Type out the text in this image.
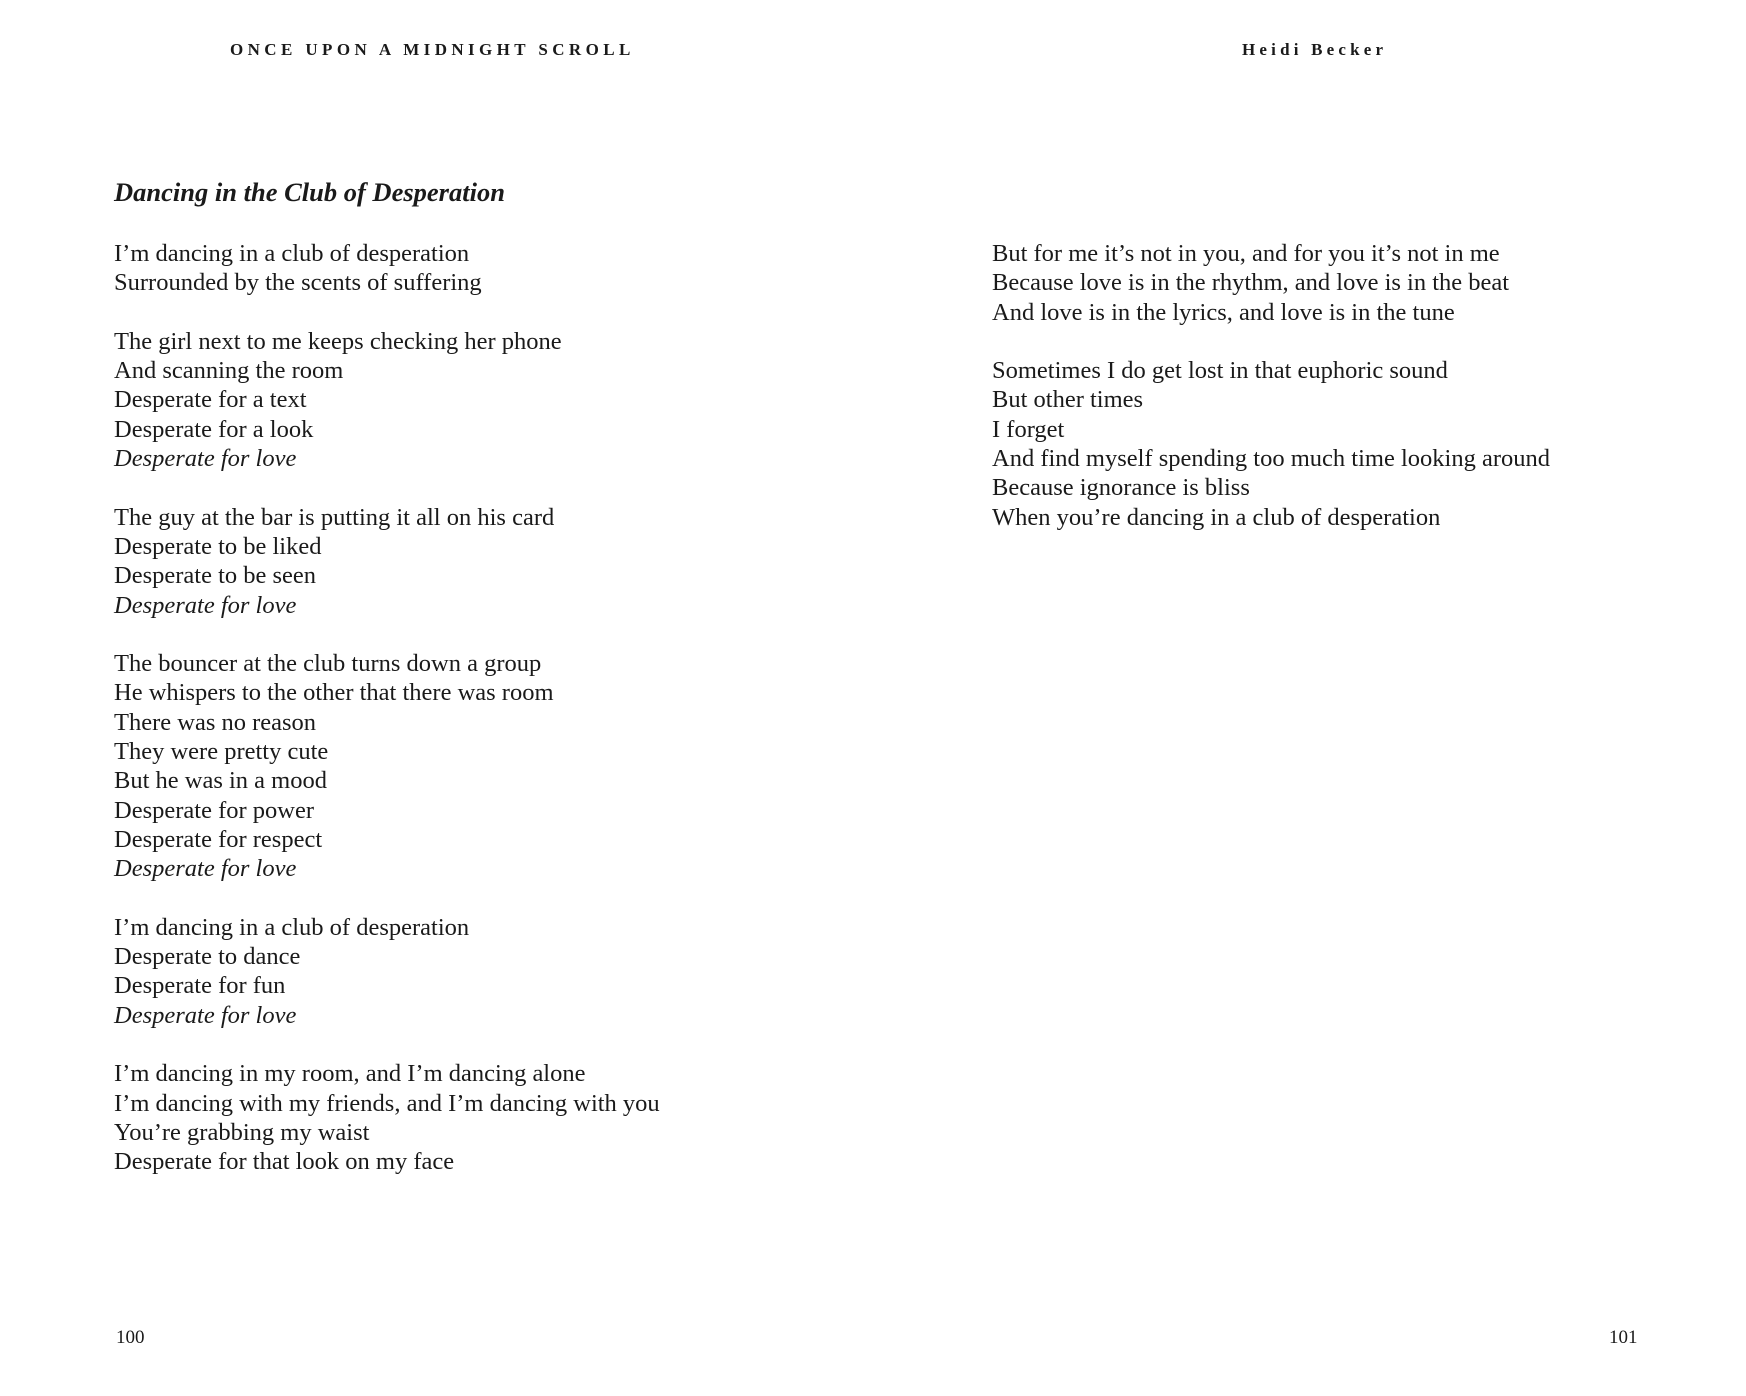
ONCE UPON A MIDNIGHT SCROLL
Dancing in the Club of Desperation
I’m dancing in a club of desperation
Surrounded by the scents of suffering
The girl next to me keeps checking her phone
And scanning the room
Desperate for a text
Desperate for a look
Desperate for love
The guy at the bar is putting it all on his card
Desperate to be liked
Desperate to be seen
Desperate for love
The bouncer at the club turns down a group
He whispers to the other that there was room
There was no reason
They were pretty cute
But he was in a mood
Desperate for power
Desperate for respect
Desperate for love
I’m dancing in a club of desperation
Desperate to dance
Desperate for fun
Desperate for love
I’m dancing in my room, and I’m dancing alone
I’m dancing with my friends, and I’m dancing with you
You’re grabbing my waist
Desperate for that look on my face
100
Heidi Becker
But for me it’s not in you, and for you it’s not in me
Because love is in the rhythm, and love is in the beat
And love is in the lyrics, and love is in the tune
Sometimes I do get lost in that euphoric sound
But other times
I forget
And find myself spending too much time looking around
Because ignorance is bliss
When you’re dancing in a club of desperation
101
